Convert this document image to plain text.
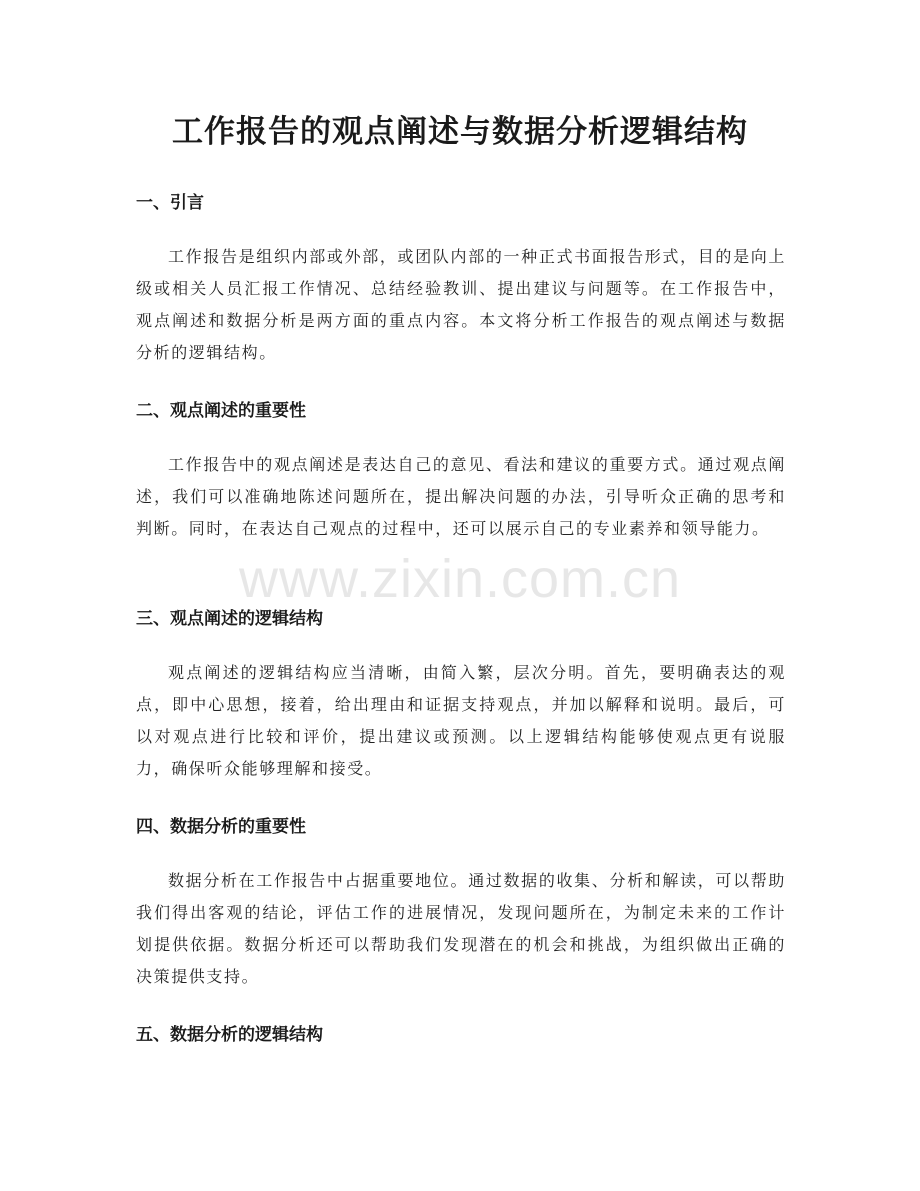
工作报告的观点阐述与数据分析逻辑结构
一、引言

工作报告是组织内部或外部，或团队内部的一种正式书面报告形式，目的是向上级或相关人员汇报工作情况、总结经验教训、提出建议与问题等。在工作报告中，观点阐述和数据分析是两方面的重点内容。本文将分析工作报告的观点阐述与数据分析的逻辑结构。

二、观点阐述的重要性

工作报告中的观点阐述是表达自己的意见、看法和建议的重要方式。通过观点阐述，我们可以准确地陈述问题所在，提出解决问题的办法，引导听众正确的思考和判断。同时，在表达自己观点的过程中，还可以展示自己的专业素养和领导能力。

三、观点阐述的逻辑结构

观点阐述的逻辑结构应当清晰，由简入繁，层次分明。首先，要明确表达的观点，即中心思想，接着，给出理由和证据支持观点，并加以解释和说明。最后，可以对观点进行比较和评价，提出建议或预测。以上逻辑结构能够使观点更有说服力，确保听众能够理解和接受。

四、数据分析的重要性

数据分析在工作报告中占据重要地位。通过数据的收集、分析和解读，可以帮助我们得出客观的结论，评估工作的进展情况，发现问题所在，为制定未来的工作计划提供依据。数据分析还可以帮助我们发现潜在的机会和挑战，为组织做出正确的决策提供支持。

五、数据分析的逻辑结构
www.zixin.com.cn
